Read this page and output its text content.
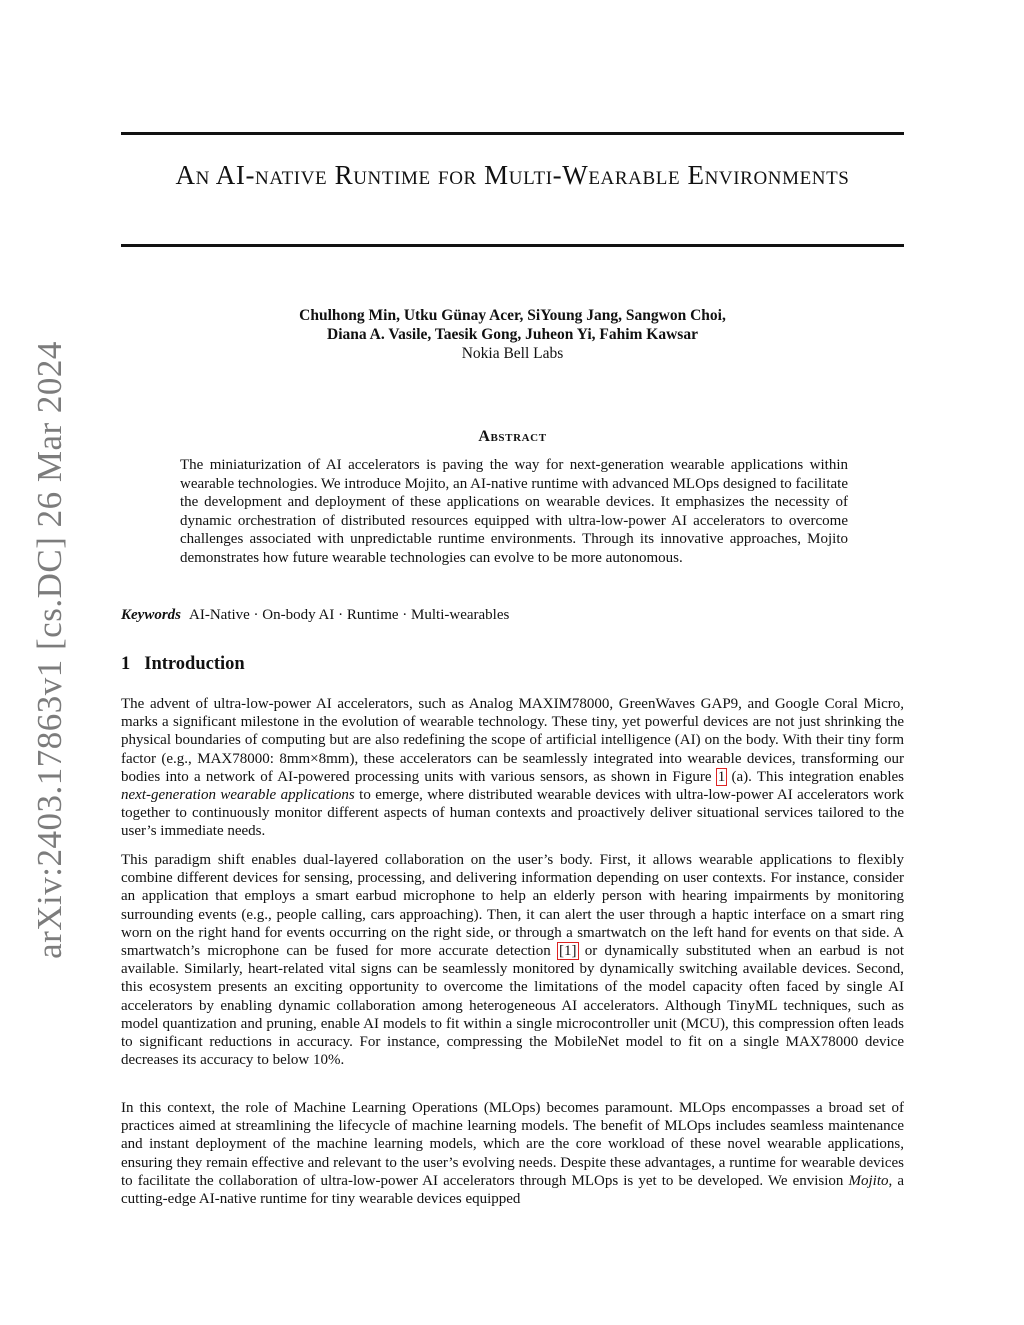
arXiv:2403.17863v1 [cs.DC] 26 Mar 2024
An AI-native Runtime for Multi-Wearable Environments
Chulhong Min, Utku Günay Acer, SiYoung Jang, Sangwon Choi,
Diana A. Vasile, Taesik Gong, Juheon Yi, Fahim Kawsar
Nokia Bell Labs
Abstract
The miniaturization of AI accelerators is paving the way for next-generation wearable applications within wearable technologies. We introduce Mojito, an AI-native runtime with advanced MLOps designed to facilitate the development and deployment of these applications on wearable devices. It emphasizes the necessity of dynamic orchestration of distributed resources equipped with ultra-low-power AI accelerators to overcome challenges associated with unpredictable runtime environments. Through its innovative approaches, Mojito demonstrates how future wearable technologies can evolve to be more autonomous.
Keywords AI-Native · On-body AI · Runtime · Multi-wearables
1 Introduction

The advent of ultra-low-power AI accelerators, such as Analog MAXIM78000, GreenWaves GAP9, and Google Coral Micro, marks a significant milestone in the evolution of wearable technology. These tiny, yet powerful devices are not just shrinking the physical boundaries of computing but are also redefining the scope of artificial intelligence (AI) on the body. With their tiny form factor (e.g., MAX78000: 8mm×8mm), these accelerators can be seamlessly integrated into wearable devices, transforming our bodies into a network of AI-powered processing units with various sensors, as shown in Figure 1 (a). This integration enables next-generation wearable applications to emerge, where distributed wearable devices with ultra-low-power AI accelerators work together to continuously monitor different aspects of human contexts and proactively deliver situational services tailored to the user’s immediate needs.

This paradigm shift enables dual-layered collaboration on the user’s body. First, it allows wearable applications to flexibly combine different devices for sensing, processing, and delivering information depending on user contexts. For instance, consider an application that employs a smart earbud microphone to help an elderly person with hearing impairments by monitoring surrounding events (e.g., people calling, cars approaching). Then, it can alert the user through a haptic interface on a smart ring worn on the right hand for events occurring on the right side, or through a smartwatch on the left hand for events on that side. A smartwatch’s microphone can be fused for more accurate detection [1] or dynamically substituted when an earbud is not available. Similarly, heart-related vital signs can be seamlessly monitored by dynamically switching available devices. Second, this ecosystem presents an exciting opportunity to overcome the limitations of the model capacity often faced by single AI accelerators by enabling dynamic collaboration among heterogeneous AI accelerators. Although TinyML techniques, such as model quantization and pruning, enable AI models to fit within a single microcontroller unit (MCU), this compression often leads to significant reductions in accuracy. For instance, compressing the MobileNet model to fit on a single MAX78000 device decreases its accuracy to below 10%.

In this context, the role of Machine Learning Operations (MLOps) becomes paramount. MLOps encompasses a broad set of practices aimed at streamlining the lifecycle of machine learning models. The benefit of MLOps includes seamless maintenance and instant deployment of the machine learning models, which are the core workload of these novel wearable applications, ensuring they remain effective and relevant to the user’s evolving needs. Despite these advantages, a runtime for wearable devices to facilitate the collaboration of ultra-low-power AI accelerators through MLOps is yet to be developed. We envision Mojito, a cutting-edge AI-native runtime for tiny wearable devices equipped
